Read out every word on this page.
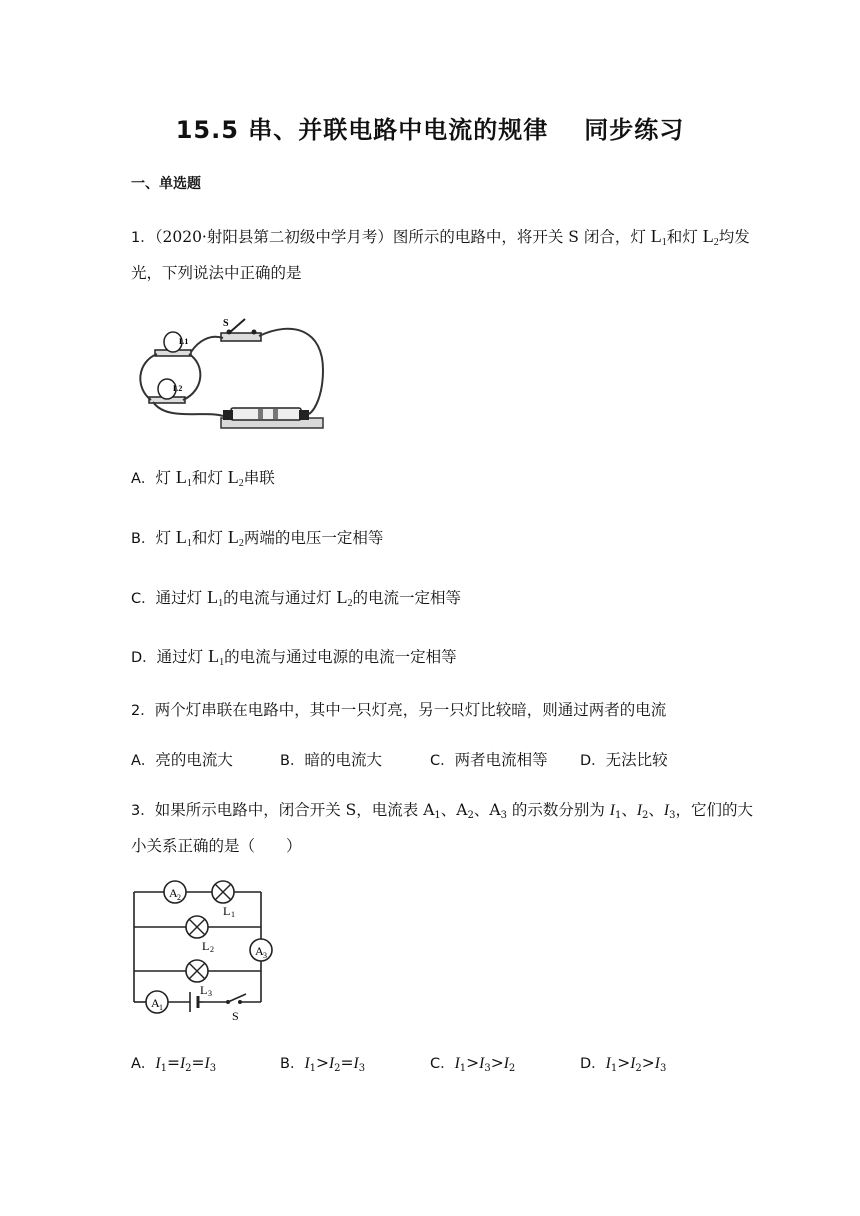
15.5 串、并联电路中电流的规律 同步练习
一、单选题
1．（2020·射阳县第二初级中学月考）图所示的电路中，将开关 S 闭合，灯 $L_1$和灯 $L_2$均发
光，下列说法中正确的是
S
L1
L2
A．灯 $L_1$和灯 $L_2$串联
B．灯 $L_1$和灯 $L_2$两端的电压一定相等
C．通过灯 $L_1$的电流与通过灯 $L_2$的电流一定相等
D．通过灯 $L_1$的电流与通过电源的电流一定相等
2．两个灯串联在电路中，其中一只灯亮，另一只灯比较暗，则通过两者的电流
A．亮的电流大	B．暗的电流大	C．两者电流相等 D．无法比较
3．如果所示电路中，闭合开关 S，电流表 $A_1$、$A_2$、$A_3$ 的示数分别为 $I_1$、$I_2$、$I_3$，它们的大
小关系正确的是（　　）
A 2
L 1
L 2	A 3
L 3
A 1
S
A．$I_1=I_2=I_3$	B．$I_1>I_2=I_3$	C．$I_1>I_3>I_2$	D．$I_1>I_2>I_3$
